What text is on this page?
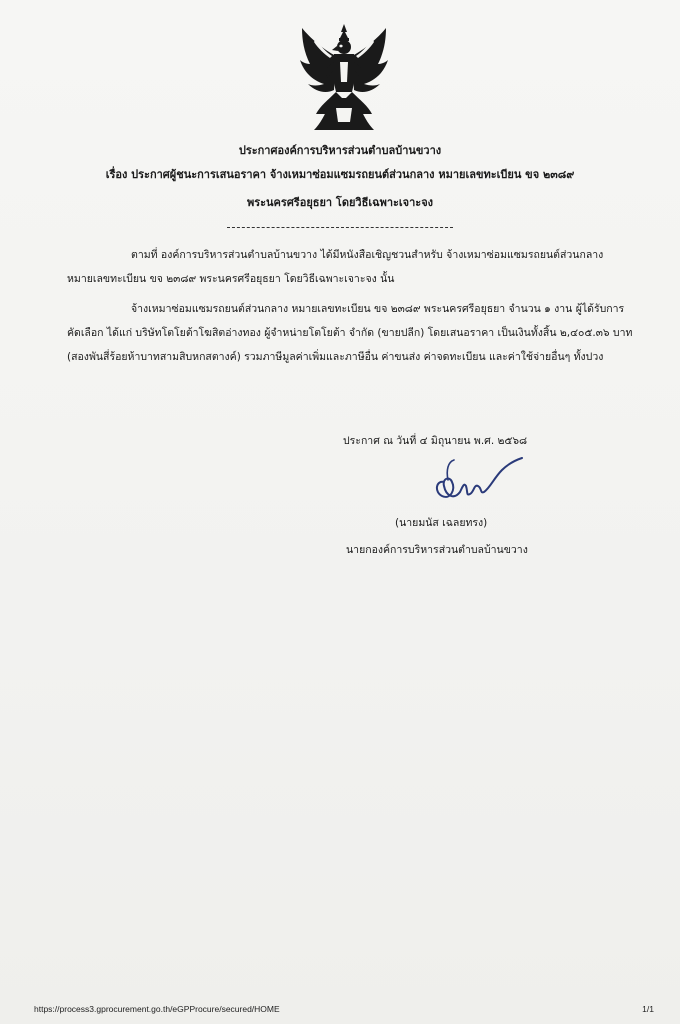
ประกาศองค์การบริหารส่วนตำบลบ้านขวาง
เรื่อง ประกาศผู้ชนะการเสนอราคา จ้างเหมาซ่อมแซมรถยนต์ส่วนกลาง หมายเลขทะเบียน ขจ ๒๓๘๙
พระนครศรีอยุธยา โดยวิธีเฉพาะเจาะจง
ตามที่ องค์การบริหารส่วนตำบลบ้านขวาง ได้มีหนังสือเชิญชวนสำหรับ จ้างเหมาซ่อมแซมรถยนต์ส่วนกลาง หมายเลขทะเบียน ขจ ๒๓๘๙ พระนครศรีอยุธยา โดยวิธีเฉพาะเจาะจง นั้น
จ้างเหมาซ่อมแซมรถยนต์ส่วนกลาง หมายเลขทะเบียน ขจ ๒๓๘๙ พระนครศรีอยุธยา จำนวน ๑ งาน ผู้ได้รับการคัดเลือก ได้แก่ บริษัทโตโยต้าโฆสิตอ่างทอง ผู้จำหน่ายโตโยต้า จำกัด (ขายปลีก) โดยเสนอราคา เป็นเงินทั้งสิ้น ๒,๔๐๕.๓๖ บาท (สองพันสี่ร้อยห้าบาทสามสิบหกสตางค์) รวมภาษีมูลค่าเพิ่มและภาษีอื่น ค่าขนส่ง ค่าจดทะเบียน และค่าใช้จ่ายอื่นๆ ทั้งปวง
ประกาศ ณ วันที่ ๔ มิถุนายน พ.ศ. ๒๕๖๘
(นายมนัส เฉลยทรง)
นายกองค์การบริหารส่วนตำบลบ้านขวาง
https://process3.gprocurement.go.th/eGPProcure/secured/HOME	1/1
